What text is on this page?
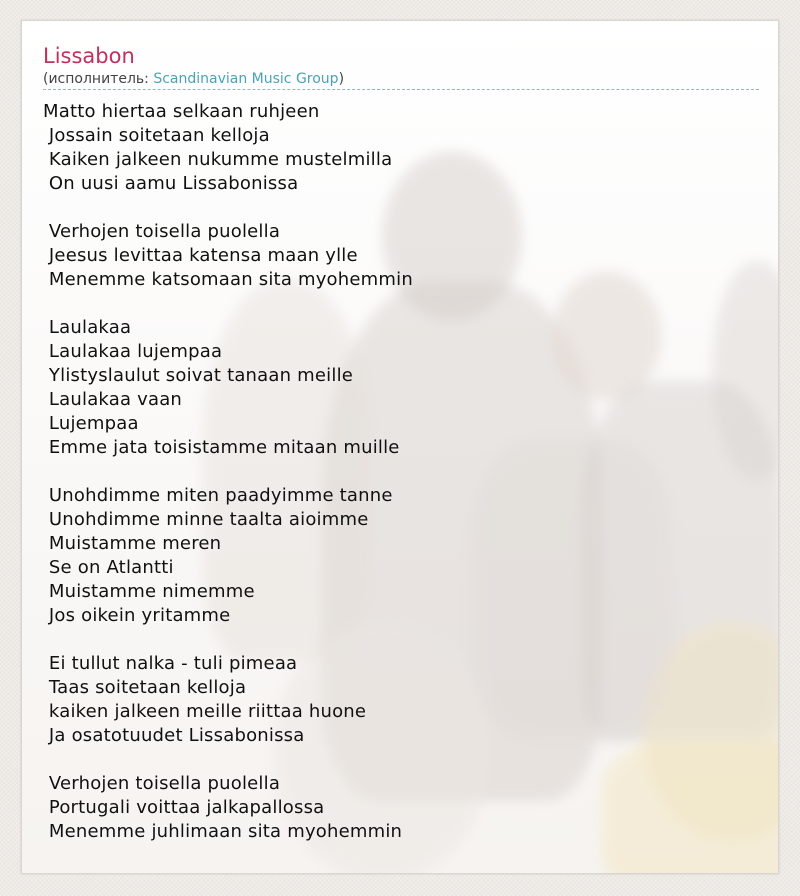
Lissabon
(исполнитель: Scandinavian Music Group)
Matto hiertaa selkaan ruhjeen
Jossain soitetaan kelloja
Kaiken jalkeen nukumme mustelmilla
On uusi aamu Lissabonissa
Verhojen toisella puolella
Jeesus levittaa katensa maan ylle
Menemme katsomaan sita myohemmin
Laulakaa
Laulakaa lujempaa
Ylistyslaulut soivat tanaan meille
Laulakaa vaan
Lujempaa
Emme jata toisistamme mitaan muille
Unohdimme miten paadyimme tanne
Unohdimme minne taalta aioimme
Muistamme meren
Se on Atlantti
Muistamme nimemme
Jos oikein yritamme
Ei tullut nalka - tuli pimeaa
Taas soitetaan kelloja
kaiken jalkeen meille riittaa huone
Ja osatotuudet Lissabonissa
Verhojen toisella puolella
Portugali voittaa jalkapallossa
Menemme juhlimaan sita myohemmin
